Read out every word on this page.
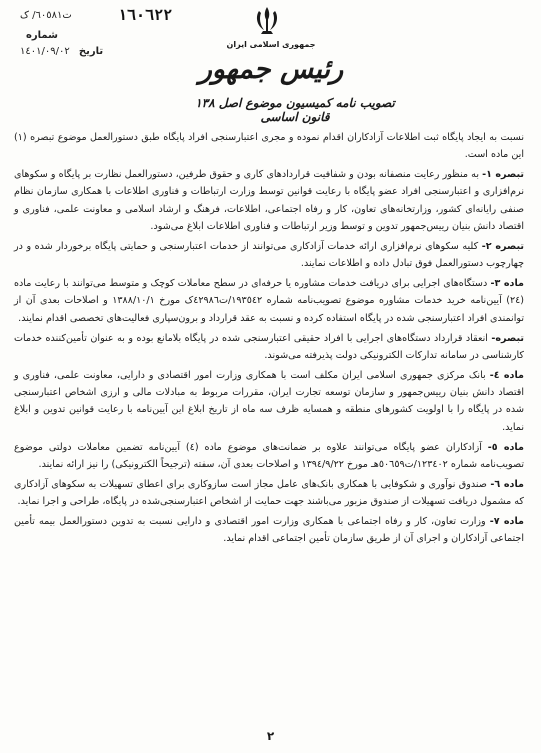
١٦٠٦٢٢
ت٦٠٥٨١/ ک
شماره
تاریخ ١٤٠١/٠٩/٠٢
جمهوری اسلامی ایران
رئیس جمهور
تصویب نامه کمیسیون موضوع اصل ١٣٨ قانون اساسی

نسبت به ایجاد پایگاه ثبت اطلاعات آزادکاران اقدام نموده و مجری اعتبارسنجی افراد پایگاه طبق دستورالعمل موضوع تبصره (١) این ماده است.

تبصره ١- به منظور رعایت منصفانه بودن و شفافیت قراردادهای کاری و حقوق طرفین، دستورالعمل نظارت بر پایگاه و سکوهای نرم‌افزاری و اعتبارسنجی افراد عضو پایگاه با رعایت قوانین توسط وزارت ارتباطات و فناوری اطلاعات با همکاری سازمان نظام صنفی رایانه‌ای کشور، وزارتخانه‌های تعاون، کار و رفاه اجتماعی، اطلاعات، فرهنگ و ارشاد اسلامی و معاونت علمی، فناوری و اقتصاد دانش بنیان رییس‌جمهور تدوین و توسط وزیر ارتباطات و فناوری اطلاعات ابلاغ می‌شود.

تبصره ٢- کلیه سکوهای نرم‌افزاری ارائه خدمات آزادکاری می‌توانند از خدمات اعتبارسنجی و حمایتی پایگاه برخوردار شده و در چهارچوب دستورالعمل فوق تبادل داده و اطلاعات نمایند.

ماده ٣- دستگاه‌های اجرایی برای دریافت خدمات مشاوره یا حرفه‌ای در سطح معاملات کوچک و متوسط می‌توانند با رعایت ماده (٢٤) آیین‌نامه خرید خدمات مشاوره موضوع تصویب‌نامه شماره ١٩٣٥٤٢/ت٤٢٩٨٦ک مورخ ١٣٨٨/١٠/١ و اصلاحات بعدی آن از توانمندی افراد اعتبارسنجی شده در پایگاه استفاده کرده و نسبت به عقد قرارداد و برون‌سپاری فعالیت‌های تخصصی اقدام نمایند.

تبصره- انعقاد قرارداد دستگاه‌های اجرایی با افراد حقیقی اعتبارسنجی شده در پایگاه بلامانع بوده و به عنوان تأمین‌کننده خدمات کارشناسی در سامانه تدارکات الکترونیکی دولت پذیرفته می‌شوند.

ماده ٤- بانک مرکزی جمهوری اسلامی ایران مکلف است با همکاری وزارت امور اقتصادی و دارایی، معاونت علمی، فناوری و اقتصاد دانش بنیان رییس‌جمهور و سازمان توسعه تجارت ایران، مقررات مربوط به مبادلات مالی و ارزی اشخاص اعتبارسنجی شده در پایگاه را با اولویت کشورهای منطقه و همسایه ظرف سه ماه از تاریخ ابلاغ این آیین‌نامه با رعایت قوانین تدوین و ابلاغ نماید.

ماده ٥- آزادکاران عضو پایگاه می‌توانند علاوه بر ضمانت‌های موضوع ماده (٤) آیین‌نامه تضمین معاملات دولتی موضوع تصویب‌نامه شماره ١٢٣٤٠٢/ت٥٠٦٥٩هـ مورخ ١٣٩٤/٩/٢٢ و اصلاحات بعدی آن، سفته (ترجیحاً الکترونیکی) را نیز ارائه نمایند.

ماده ٦- صندوق نوآوری و شکوفایی با همکاری بانک‌های عامل مجاز است سازوکاری برای اعطای تسهیلات به سکوهای آزادکاری که مشمول دریافت تسهیلات از صندوق مزبور می‌باشند جهت حمایت از اشخاص اعتبارسنجی‌شده در پایگاه، طراحی و اجرا نماید.

ماده ٧- وزارت تعاون، کار و رفاه اجتماعی با همکاری وزارت امور اقتصادی و دارایی نسبت به تدوین دستورالعمل بیمه تأمین اجتماعی آزادکاران و اجرای آن از طریق سازمان تأمین اجتماعی اقدام نماید.

٢
